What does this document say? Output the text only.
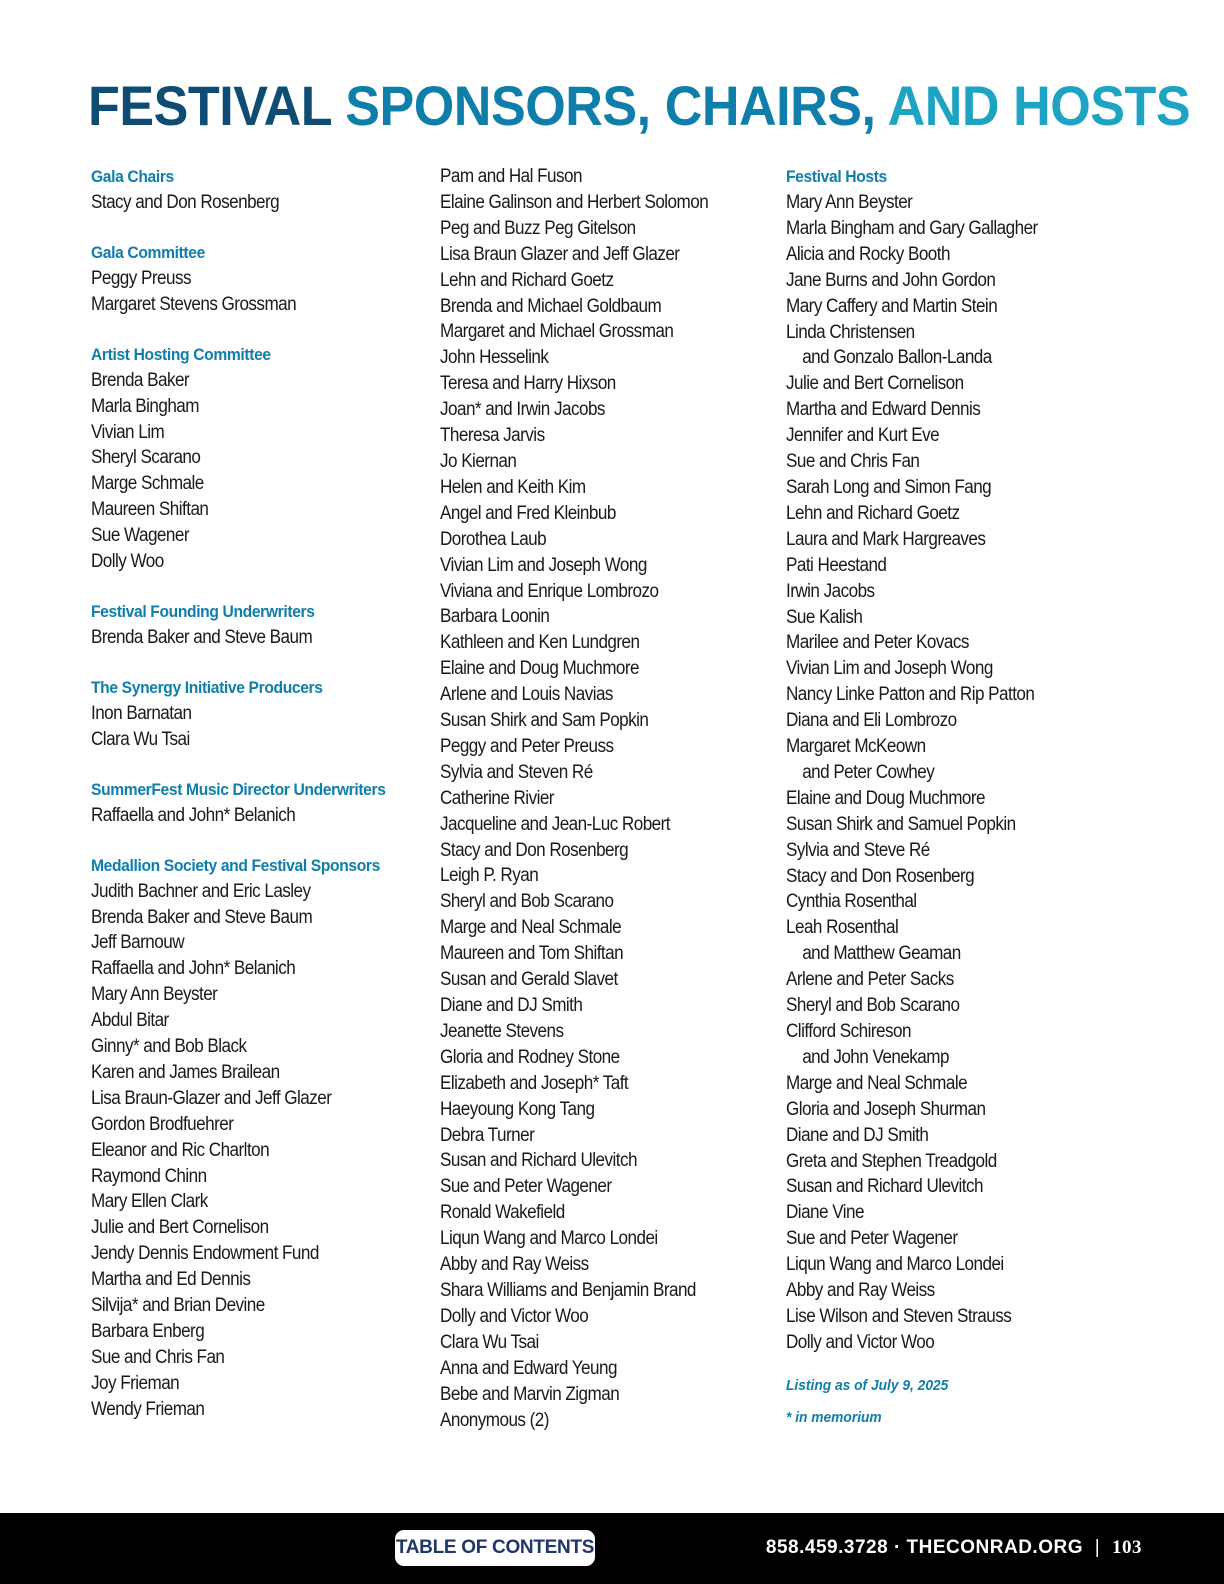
FESTIVAL SPONSORS, CHAIRS, AND HOSTS
Gala Chairs
Stacy and Don Rosenberg
Gala Committee
Peggy Preuss
Margaret Stevens Grossman
Artist Hosting Committee
Brenda Baker
Marla Bingham
Vivian Lim
Sheryl Scarano
Marge Schmale
Maureen Shiftan
Sue Wagener
Dolly Woo
Festival Founding Underwriters
Brenda Baker and Steve Baum
The Synergy Initiative Producers
Inon Barnatan
Clara Wu Tsai
SummerFest Music Director Underwriters
Raffaella and John* Belanich
Medallion Society and Festival Sponsors
Judith Bachner and Eric Lasley
Brenda Baker and Steve Baum
Jeff Barnouw
Raffaella and John* Belanich
Mary Ann Beyster
Abdul Bitar
Ginny* and Bob Black
Karen and James Brailean
Lisa Braun-Glazer and Jeff Glazer
Gordon Brodfuehrer
Eleanor and Ric Charlton
Raymond Chinn
Mary Ellen Clark
Julie and Bert Cornelison
Jendy Dennis Endowment Fund
Martha and Ed Dennis
Silvija* and Brian Devine
Barbara Enberg
Sue and Chris Fan
Joy Frieman
Wendy Frieman
Pam and Hal Fuson
Elaine Galinson and Herbert Solomon
Peg and Buzz Peg Gitelson
Lisa Braun Glazer and Jeff Glazer
Lehn and Richard Goetz
Brenda and Michael Goldbaum
Margaret and Michael Grossman
John Hesselink
Teresa and Harry Hixson
Joan* and Irwin Jacobs
Theresa Jarvis
Jo Kiernan
Helen and Keith Kim
Angel and Fred Kleinbub
Dorothea Laub
Vivian Lim and Joseph Wong
Viviana and Enrique Lombrozo
Barbara Loonin
Kathleen and Ken Lundgren
Elaine and Doug Muchmore
Arlene and Louis Navias
Susan Shirk and Sam Popkin
Peggy and Peter Preuss
Sylvia and Steven Ré
Catherine Rivier
Jacqueline and Jean-Luc Robert
Stacy and Don Rosenberg
Leigh P. Ryan
Sheryl and Bob Scarano
Marge and Neal Schmale
Maureen and Tom Shiftan
Susan and Gerald Slavet
Diane and DJ Smith
Jeanette Stevens
Gloria and Rodney Stone
Elizabeth and Joseph* Taft
Haeyoung Kong Tang
Debra Turner
Susan and Richard Ulevitch
Sue and Peter Wagener
Ronald Wakefield
Liqun Wang and Marco Londei
Abby and Ray Weiss
Shara Williams and Benjamin Brand
Dolly and Victor Woo
Clara Wu Tsai
Anna and Edward Yeung
Bebe and Marvin Zigman
Anonymous (2)
Festival Hosts
Mary Ann Beyster
Marla Bingham and Gary Gallagher
Alicia and Rocky Booth
Jane Burns and John Gordon
Mary Caffery and Martin Stein
Linda Christensen
and Gonzalo Ballon-Landa
Julie and Bert Cornelison
Martha and Edward Dennis
Jennifer and Kurt Eve
Sue and Chris Fan
Sarah Long and Simon Fang
Lehn and Richard Goetz
Laura and Mark Hargreaves
Pati Heestand
Irwin Jacobs
Sue Kalish
Marilee and Peter Kovacs
Vivian Lim and Joseph Wong
Nancy Linke Patton and Rip Patton
Diana and Eli Lombrozo
Margaret McKeown
and Peter Cowhey
Elaine and Doug Muchmore
Susan Shirk and Samuel Popkin
Sylvia and Steve Ré
Stacy and Don Rosenberg
Cynthia Rosenthal
Leah Rosenthal
and Matthew Geaman
Arlene and Peter Sacks
Sheryl and Bob Scarano
Clifford Schireson
and John Venekamp
Marge and Neal Schmale
Gloria and Joseph Shurman
Diane and DJ Smith
Greta and Stephen Treadgold
Susan and Richard Ulevitch
Diane Vine
Sue and Peter Wagener
Liqun Wang and Marco Londei
Abby and Ray Weiss
Lise Wilson and Steven Strauss
Dolly and Victor Woo
Listing as of July 9, 2025
* in memorium
TABLE OF CONTENTS	858.459.3728 · THECONRAD.ORG | 103
